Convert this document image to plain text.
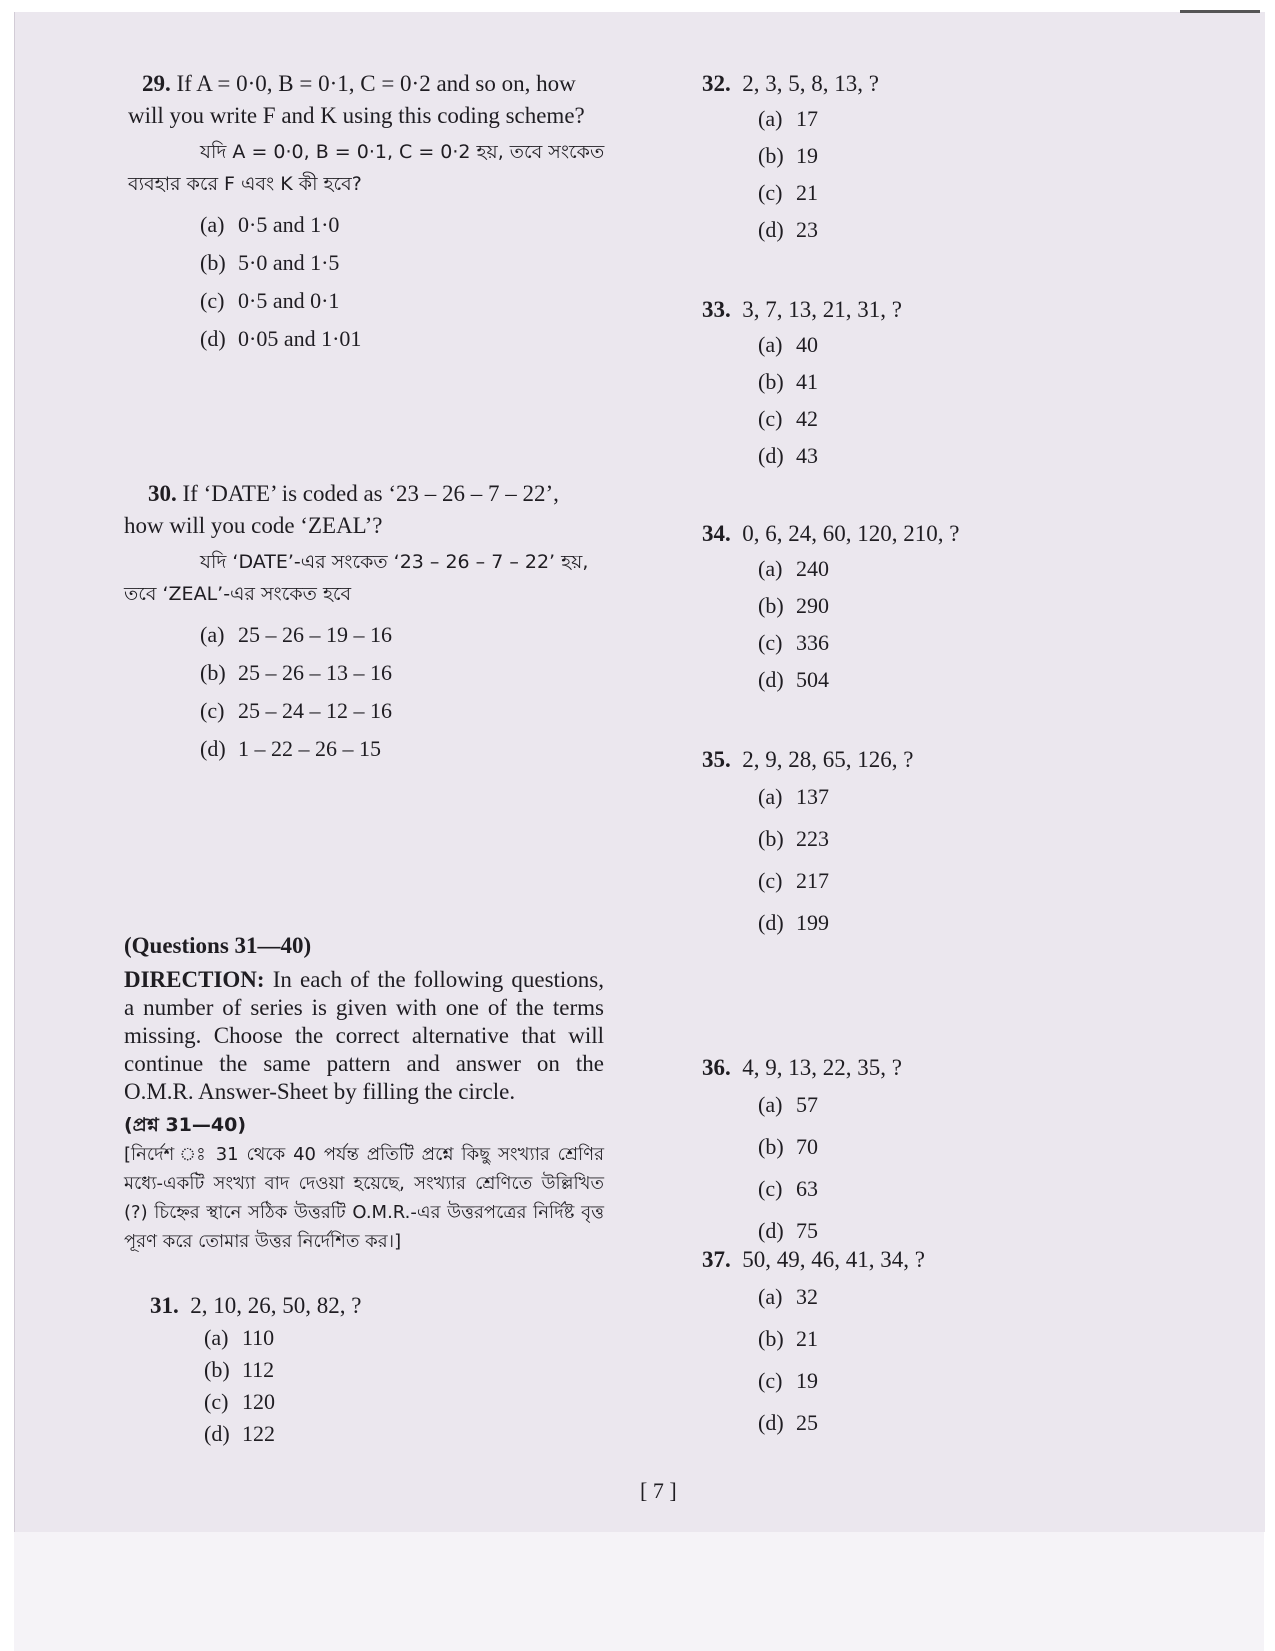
29. If A = 0·0, B = 0·1, C = 0·2 and so on, how
will you write F and K using this coding scheme?
যদি A = 0·0, B = 0·1, C = 0·2 হয়, তবে সংকেত
ব্যবহার করে F এবং K কী হবে?
(a) 0·5 and 1·0
(b) 5·0 and 1·5
(c) 0·5 and 0·1
(d) 0·05 and 1·01
30. If ‘DATE’ is coded as ‘23 – 26 – 7 – 22’,
how will you code ‘ZEAL’?
যদি ‘DATE’-এর সংকেত ‘23 – 26 – 7 – 22’ হয়,
তবে ‘ZEAL’-এর সংকেত হবে
(a) 25 – 26 – 19 – 16
(b) 25 – 26 – 13 – 16
(c) 25 – 24 – 12 – 16
(d) 1 – 22 – 26 – 15
(Questions 31—40)
DIRECTION: In each of the following questions, a number of series is given with one of the terms missing. Choose the correct alternative that will continue the same pattern and answer on the O.M.R. Answer-Sheet by filling the circle.
(প্রশ্ন 31—40)
[নির্দেশ ঃ 31 থেকে 40 পর্যন্ত প্রতিটি প্রশ্নে কিছু সংখ্যার শ্রেণির মধ্যে-একটি সংখ্যা বাদ দেওয়া হয়েছে, সংখ্যার শ্রেণিতে উল্লিখিত (?) চিহ্নের স্থানে সঠিক উত্তরটি O.M.R.-এর উত্তরপত্রের নির্দিষ্ট বৃত্ত পূরণ করে তোমার উত্তর নির্দেশিত কর।]
31. 2, 10, 26, 50, 82, ?
(a) 110
(b) 112
(c) 120
(d) 122
32. 2, 3, 5, 8, 13, ?
(a) 17
(b) 19
(c) 21
(d) 23
33. 3, 7, 13, 21, 31, ?
(a) 40
(b) 41
(c) 42
(d) 43
34. 0, 6, 24, 60, 120, 210, ?
(a) 240
(b) 290
(c) 336
(d) 504
35. 2, 9, 28, 65, 126, ?
(a) 137
(b) 223
(c) 217
(d) 199
36. 4, 9, 13, 22, 35, ?
(a) 57
(b) 70
(c) 63
(d) 75
37. 50, 49, 46, 41, 34, ?
(a) 32
(b) 21
(c) 19
(d) 25
[ 7 ]
